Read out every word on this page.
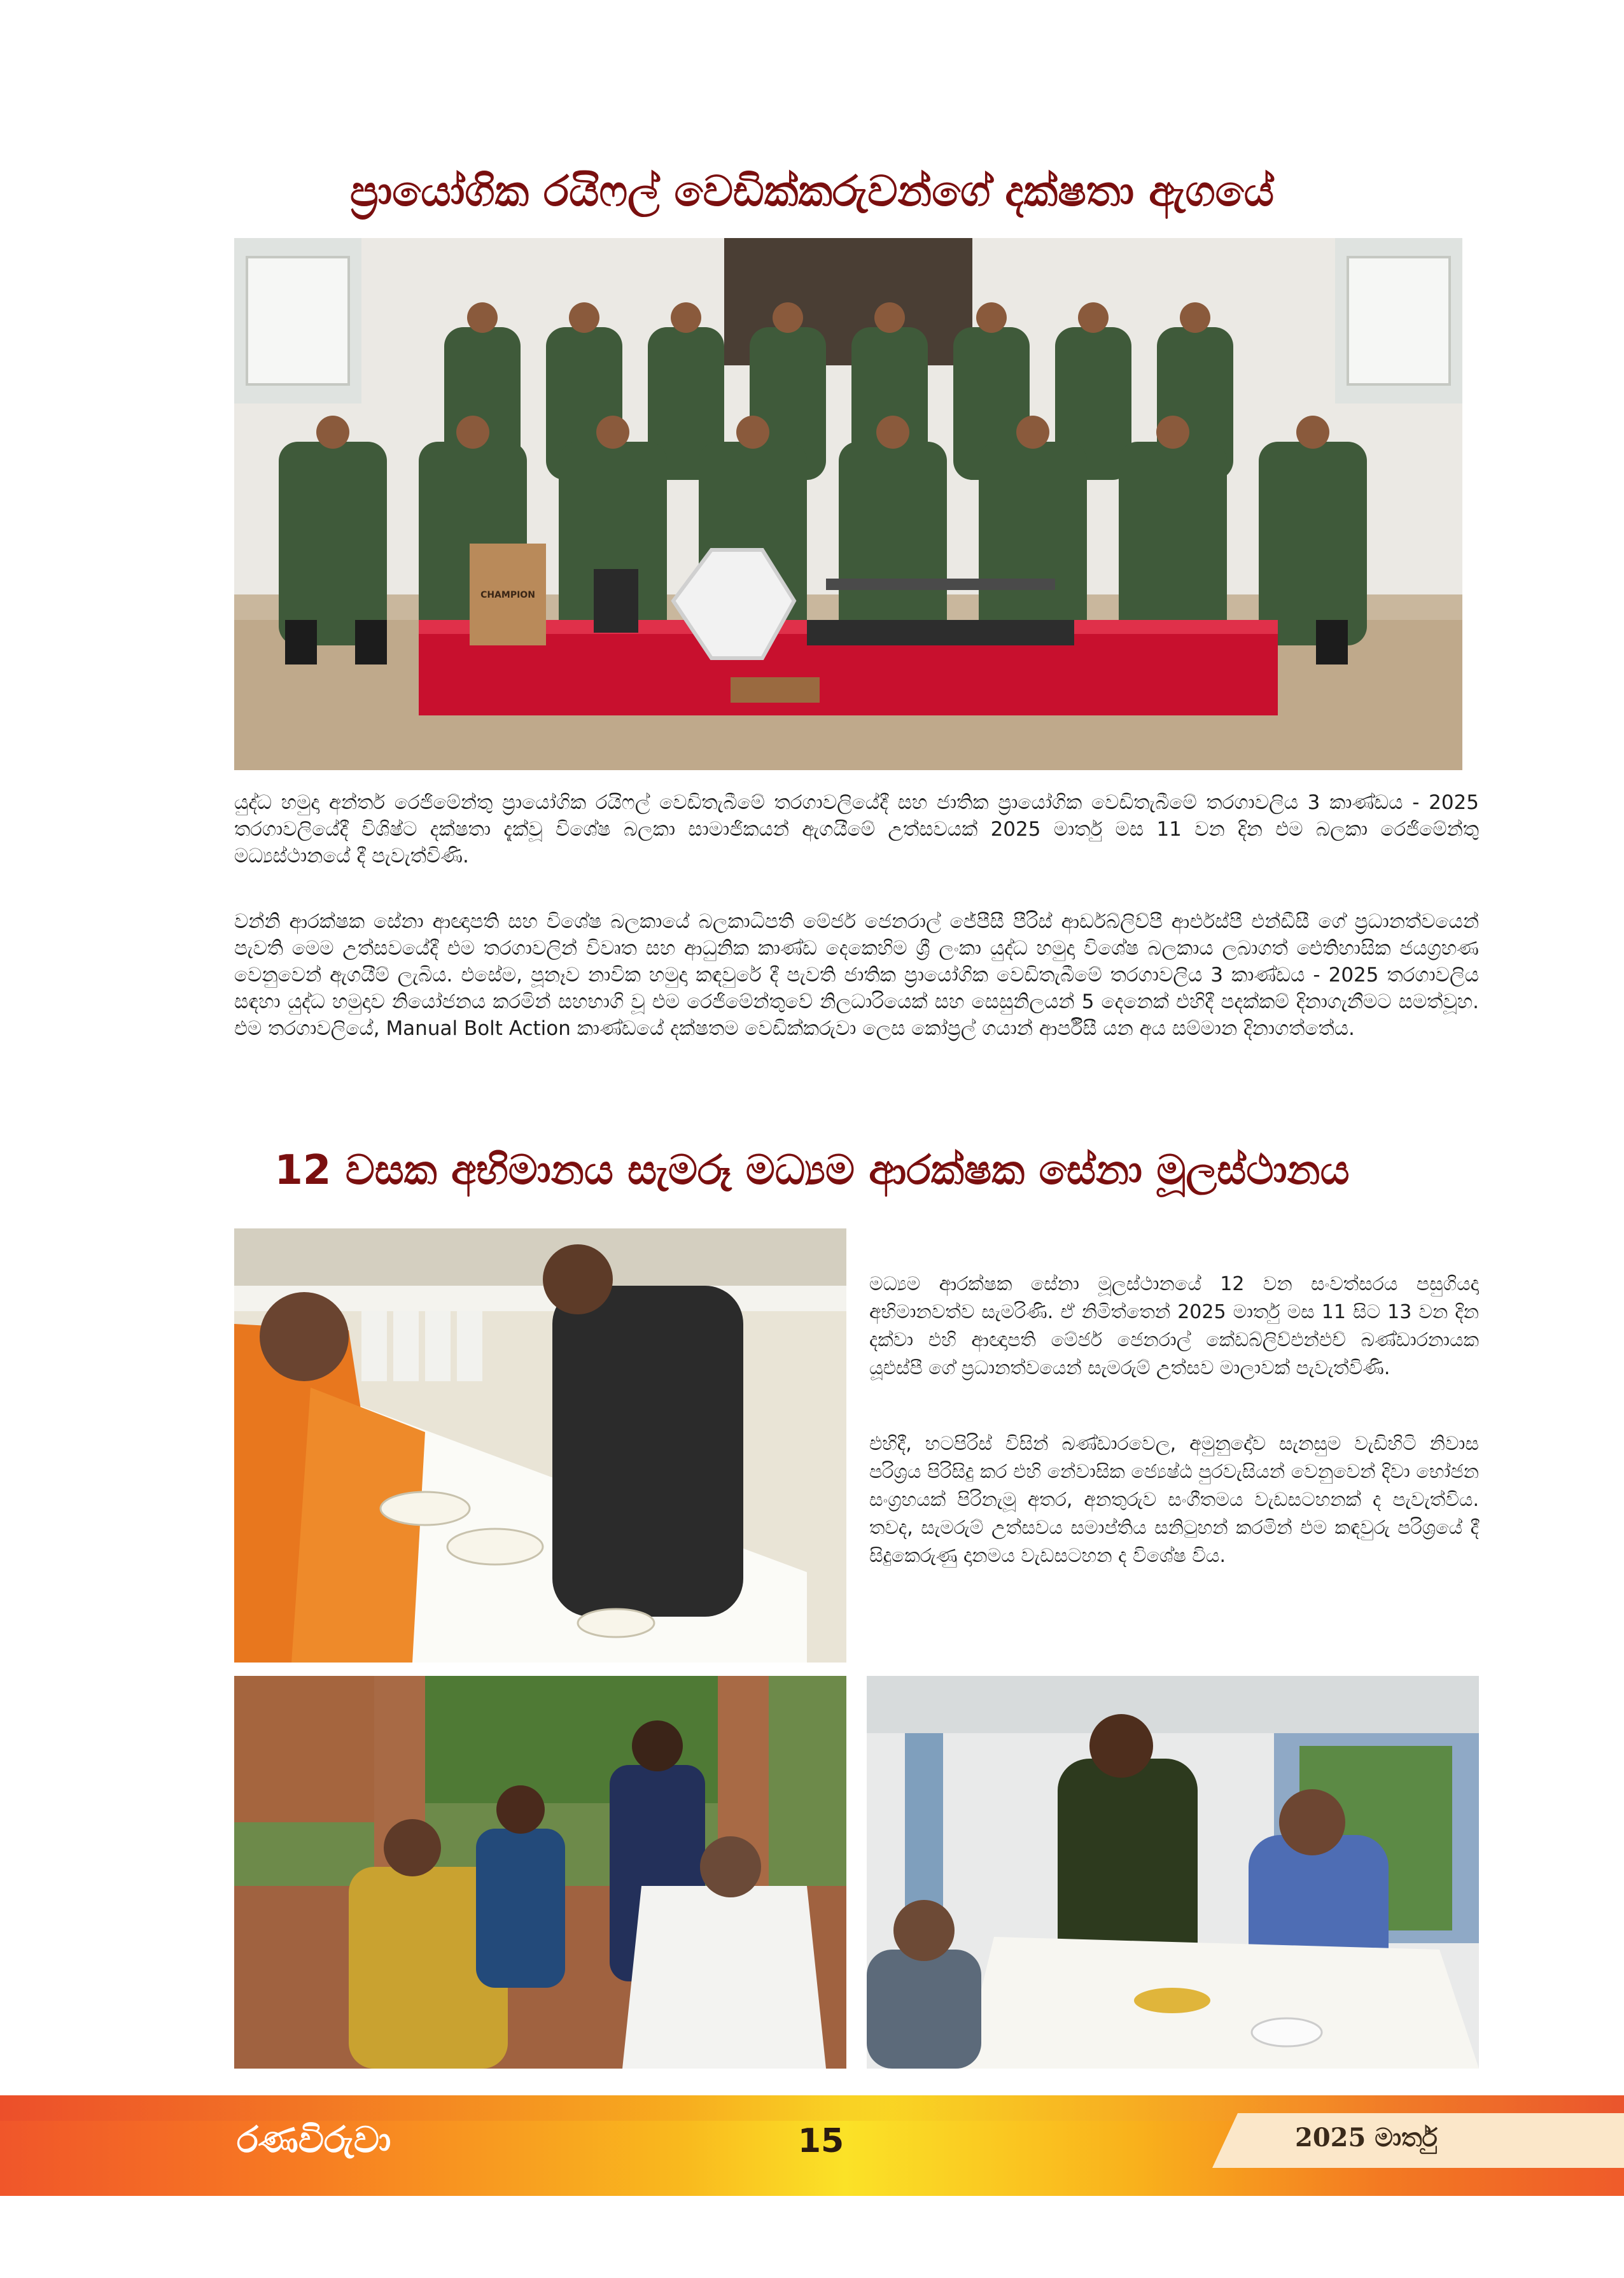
ප්‍රායෝගික රයිෆල් වෙඩික්කරුවන්ගේ දක්ෂතා ඇගයේ
CHAMPION

යුද්ධ හමුදා අන්තර් රෙජිමේන්තු ප්‍රායෝගික රයිෆල් වෙඩිතැබීමේ තරගාවලියේදී සහ ජාතික ප්‍රායෝගික වෙඩිතැබීමේ තරගාවලිය 3 කාණ්ඩය - 2025 තරගාවලියේදී විශිෂ්ට දක්ෂතා දැක්වූ විශේෂ බලකා සාමාජිකයන් ඇගයීමේ උත්සවයක් 2025 මාර්තු මස 11 වන දින එම බලකා රෙජිමේන්තු මධ්‍යස්ථානයේ දී පැවැත්විණි.

වන්නි ආරක්ෂක සේනා ආඥාපති සහ විශේෂ බලකායේ බලකාධිපති මේජර් ජෙනරාල් ජේපීසී පීරිස් ආර්ඩබ්ලිව්පී ආර්එස්පී එන්ඩීසී ගේ ප්‍රධානත්වයෙන් පැවති මෙම උත්සවයේදී එම තරගාවලින් විවෘත සහ ආධුනික කාණ්ඩ දෙකෙහිම ශ්‍රී ලංකා යුද්ධ හමුදා විශේෂ බලකාය ලබාගත් ඓතිහාසික ජයග්‍රහණ වෙනුවෙන් ඇගයීම් ලැබිය. එසේම, පූනෑව නාවික හමුදා කඳවුරේ දී පැවති ජාතික ප්‍රායෝගික වෙඩිතැබීමේ තරගාවලිය 3 කාණ්ඩය - 2025 තරගාවලිය සඳහා යුද්ධ හමුදාව නියෝජනය කරමින් සහභාගි වූ එම රෙජිමේන්තුවේ නිලධාරියෙක් සහ සෙසුනිලයන් 5 දෙනෙක් එහිදී පදක්කම් දිනාගැනීමට සමත්වූහ. එම තරගාවලියේ, Manual Bolt Action කාණ්ඩයේ දක්ෂතම වෙඩික්කරුවා ලෙස කෝප්‍රල් ගයාන් ආර්පීසී යන අය සම්මාන දිනාගත්තේය.

12 වසක අභිමානය සැමරූ මධ්‍යම ආරක්ෂක සේනා මූලස්ථානය

මධ්‍යම ආරක්ෂක සේනා මූලස්ථානයේ 12 වන සංවත්සරය පසුගියදා අභිමානවත්ව සැමරිණි. ඒ නිමිත්තෙන් 2025 මාර්තු මස 11 සිට 13 වන දින දක්වා එහි ආඥාපති මේජර් ජෙනරාල් කේඩබ්ලිව්එන්එච් බණ්ඩාරනායක යූඑස්පී ගේ ප්‍රධානත්වයෙන් සැමරුම් උත්සව මාලාවක් පැවැත්විණි.

එහිදී, හටපිරිස් විසින් බණ්ඩාරවෙල, අමුනුදෝව සැනසුම වැඩිහිටි නිවාස පරිශ්‍රය පිරිසිදු කර එහි නේවාසික ජ්‍යෙෂ්ඨ පුරවැසියන් වෙනුවෙන් දිවා භෝජන සංග්‍රහයක් පිරිනැමූ අතර, අනතුරුව සංගීතමය වැඩසටහනක් ද පැවැත්විය. තවද, සැමරුම් උත්සවය සමාප්තිය සනිටුහන් කරමින් එම කඳවුරු පරිශ්‍රයේ දී සිදුකෙරුණු දානමය වැඩසටහන ද විශේෂ විය.

රණවිරුවා	15	2025 මාර්තු
